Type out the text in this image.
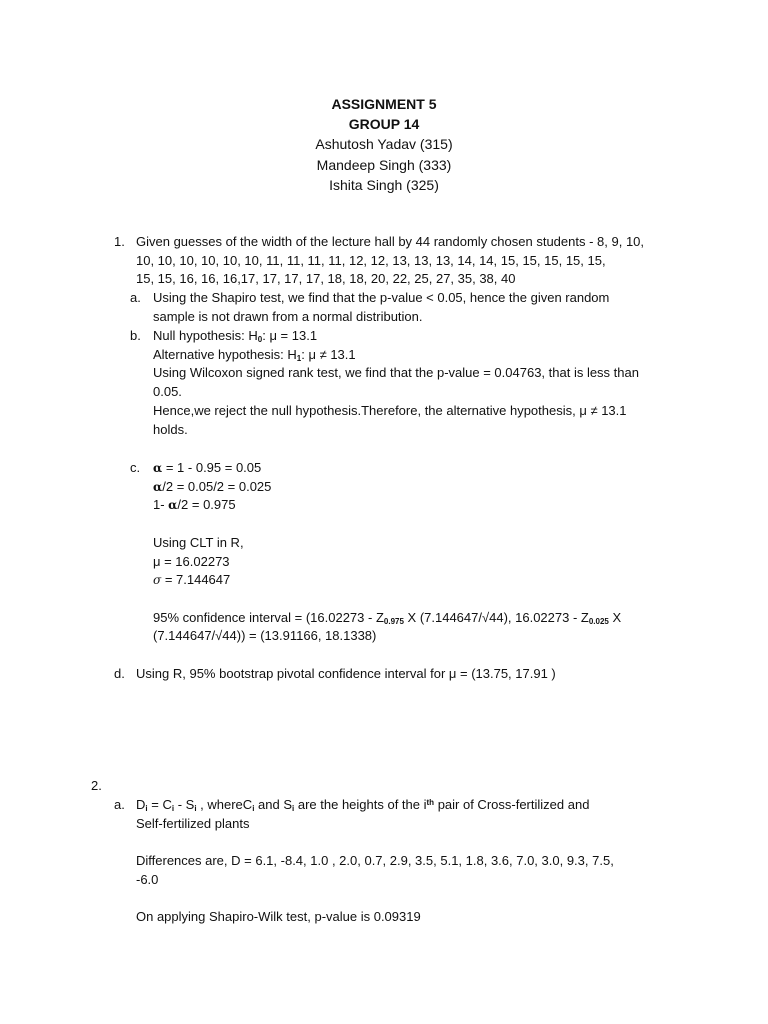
ASSIGNMENT 5
GROUP 14
Ashutosh Yadav (315)
Mandeep Singh (333)
Ishita Singh (325)
1. Given guesses of the width of the lecture hall by 44 randomly chosen students - 8, 9, 10,
10, 10, 10, 10, 10, 10, 11, 11, 11, 11, 12, 12, 13, 13, 13, 14, 14, 15, 15, 15, 15, 15,
15, 15, 16, 16, 16,17, 17, 17, 17, 18, 18, 20, 22, 25, 27, 35, 38, 40
a. Using the Shapiro test, we find that the p-value < 0.05, hence the given random
sample is not drawn from a normal distribution.
b. Null hypothesis: $H_0$: μ = 13.1
Alternative hypothesis: $H_1$: μ ≠ 13.1
Using Wilcoxon signed rank test, we find that the p-value = 0.04763, that is less than
0.05.
Hence,we reject the null hypothesis.Therefore, the alternative hypothesis, μ ≠ 13.1
holds.
c. α = 1 - 0.95 = 0.05
α/2 = 0.05/2 = 0.025
1- α/2 = 0.975

Using CLT in R,
μ = 16.02273
σ = 7.144647

95% confidence interval = ($16.02273 - Z_{0.975}$ X (7.144647/√44), $16.02273 - Z_{0.025}$ X
(7.144647/√44)) = (13.91166, 18.1338)
d. Using R, 95% bootstrap pivotal confidence interval for μ = (13.75, 17.91 )
2.
a. $D_i = C_i - S_i$ , whereC$_i$ and $S_i$ are the heights of the $i^{th}$ pair of Cross-fertilized and
Self-fertilized plants

Differences are, D = 6.1, -8.4, 1.0 , 2.0, 0.7, 2.9, 3.5, 5.1, 1.8, 3.6, 7.0, 3.0, 9.3, 7.5,
-6.0

On applying Shapiro-Wilk test, p-value is 0.09319
